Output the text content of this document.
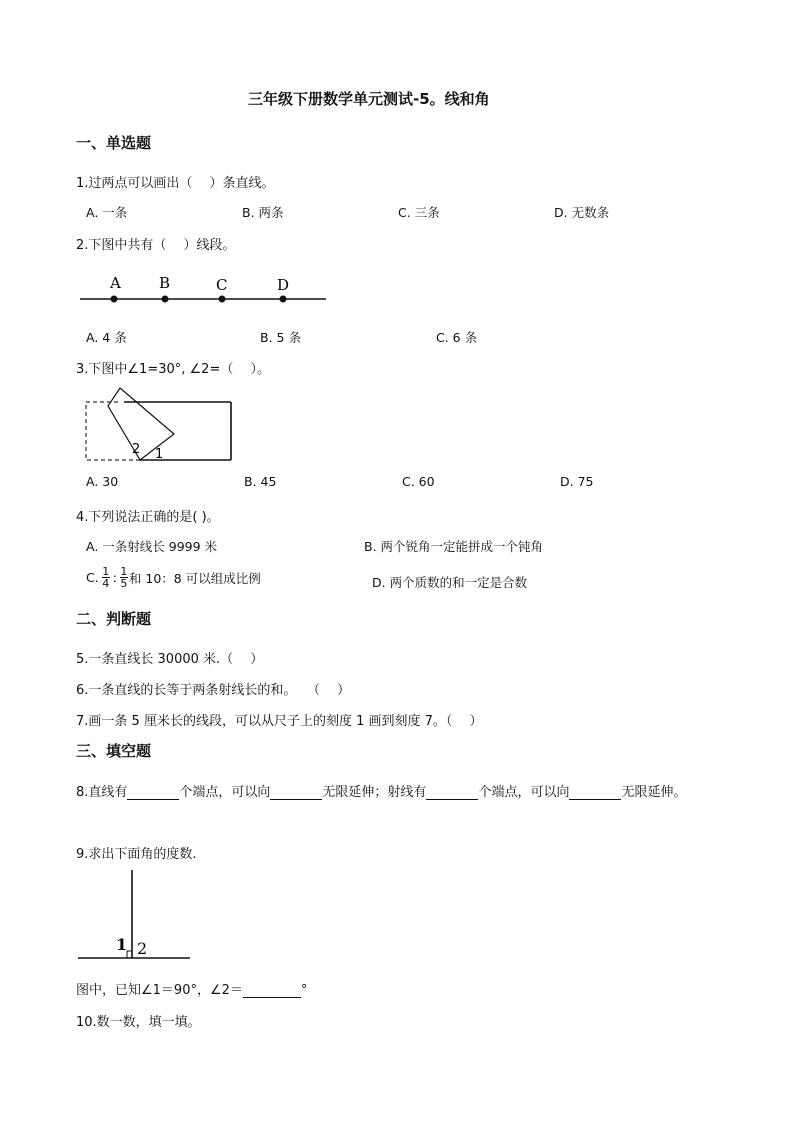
三年级下册数学单元测试-5。线和角
一、单选题
1.过两点可以画出（　 ）条直线。
A. 一条	B. 两条	C. 三条	D. 无数条
2.下图中共有（　 ）线段。
A	B	C	D
A. 4 条	B. 5 条	C. 6 条
3.下图中∠1=30°, ∠2=（　 ）。
2 1
A. 30	B. 45	C. 60	D. 75
4.下列说法正确的是( )。
A. 一条射线长 9999 米	B. 两个锐角一定能拼成一个钝角
C. $\frac{1}{4}$ : $\frac{1}{5}$ 和 10：8 可以组成比例	D. 两个质数的和一定是合数
二、判断题
5.一条直线长 30000 米.（　 ）
6.一条直线的长等于两条射线长的和。　 （　 ）
7.画一条 5 厘米长的线段，可以从尺子上的刻度 1 画到刻度 7。（　 ）
三、填空题
8.直线有	个端点，可以向	无限延伸；射线有	个端点，可以向	无限延伸。
9.求出下面角的度数.
1 2
图中，已知∠1＝90°，∠2＝	°
10.数一数，填一填。
